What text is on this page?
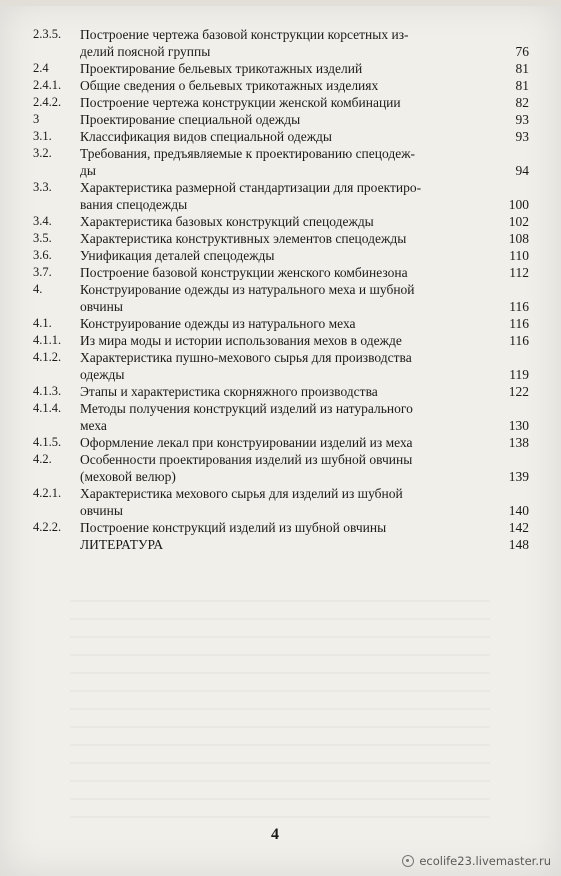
2.3.5.	Построение чертежа базовой конструкции корсетных из-
делий поясной группы	76
2.4	Проектирование бельевых трикотажных изделий	81
2.4.1.	Общие сведения о бельевых трикотажных изделиях	81
2.4.2.	Построение чертежа конструкции женской комбинации	82
3	Проектирование специальной одежды	93
3.1.	Классификация видов специальной одежды	93
3.2.	Требования, предъявляемые к проектированию спецодеж-
ды	94
3.3.	Характеристика размерной стандартизации для проектиро-
вания спецодежды	100
3.4.	Характеристика базовых конструкций спецодежды	102
3.5.	Характеристика конструктивных элементов спецодежды	108
3.6.	Унификация деталей спецодежды	110
3.7.	Построение базовой конструкции женского комбинезона	112
4.	Конструирование одежды из натурального меха и шубной
овчины	116
4.1.	Конструирование одежды из натурального меха	116
4.1.1.	Из мира моды и истории использования мехов в одежде	116
4.1.2.	Характеристика пушно-мехового сырья для производства
одежды	119
4.1.3.	Этапы и характеристика скорняжного производства	122
4.1.4.	Методы получения конструкций изделий из натурального
меха	130
4.1.5.	Оформление лекал при конструировании изделий из меха	138
4.2.	Особенности проектирования изделий из шубной овчины
(меховой велюр)	139
4.2.1.	Характеристика мехового сырья для изделий из шубной
овчины	140
4.2.2.	Построение конструкций изделий из шубной овчины	142
ЛИТЕРАТУРА	148
4
ecolife23.livemaster.ru
